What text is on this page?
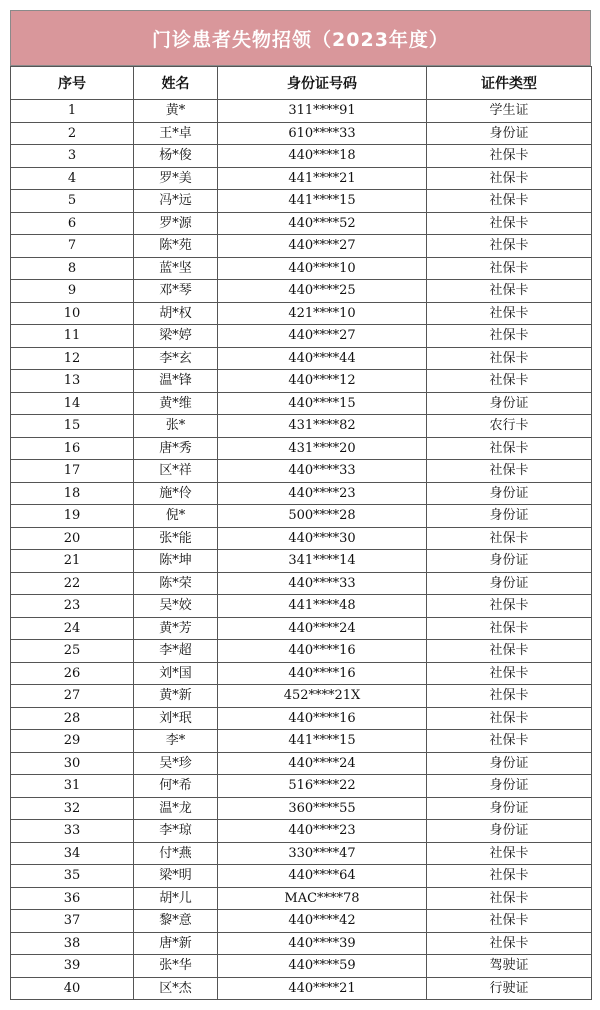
门诊患者失物招领（2023年度）
序号	姓名	身份证号码	证件类型
1	黄*	311****91	学生证
2	王*卓	610****33	身份证
3	杨*俊	440****18	社保卡
4	罗*美	441****21	社保卡
5	冯*远	441****15	社保卡
6	罗*源	440****52	社保卡
7	陈*苑	440****27	社保卡
8	蓝*坚	440****10	社保卡
9	邓*琴	440****25	社保卡
10	胡*权	421****10	社保卡
11	梁*婷	440****27	社保卡
12	李*玄	440****44	社保卡
13	温*锋	440****12	社保卡
14	黄*维	440****15	身份证
15	张*	431****82	农行卡
16	唐*秀	431****20	社保卡
17	区*祥	440****33	社保卡
18	施*伶	440****23	身份证
19	倪*	500****28	身份证
20	张*能	440****30	社保卡
21	陈*坤	341****14	身份证
22	陈*荣	440****33	身份证
23	吴*姣	441****48	社保卡
24	黄*芳	440****24	社保卡
25	李*超	440****16	社保卡
26	刘*国	440****16	社保卡
27	黄*新	452****21X	社保卡
28	刘*珉	440****16	社保卡
29	李*	441****15	社保卡
30	吴*珍	440****24	身份证
31	何*希	516****22	身份证
32	温*龙	360****55	身份证
33	李*琼	440****23	身份证
34	付*燕	330****47	社保卡
35	梁*明	440****64	社保卡
36	胡*儿	MAC****78	社保卡
37	黎*意	440****42	社保卡
38	唐*新	440****39	社保卡
39	张*华	440****59	驾驶证
40	区*杰	440****21	行驶证
